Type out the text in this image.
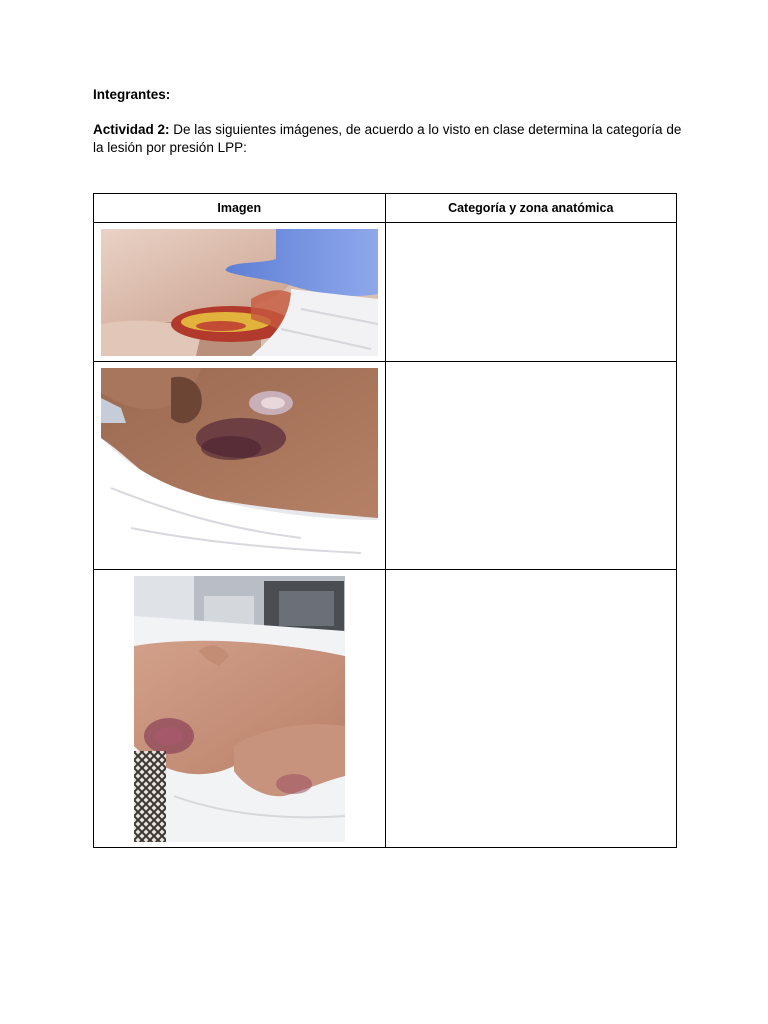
Integrantes:
Actividad 2: De las siguientes imágenes, de acuerdo a lo visto en clase determina la categoría de la lesión por presión LPP:
Imagen	Categoría y zona anatómica
